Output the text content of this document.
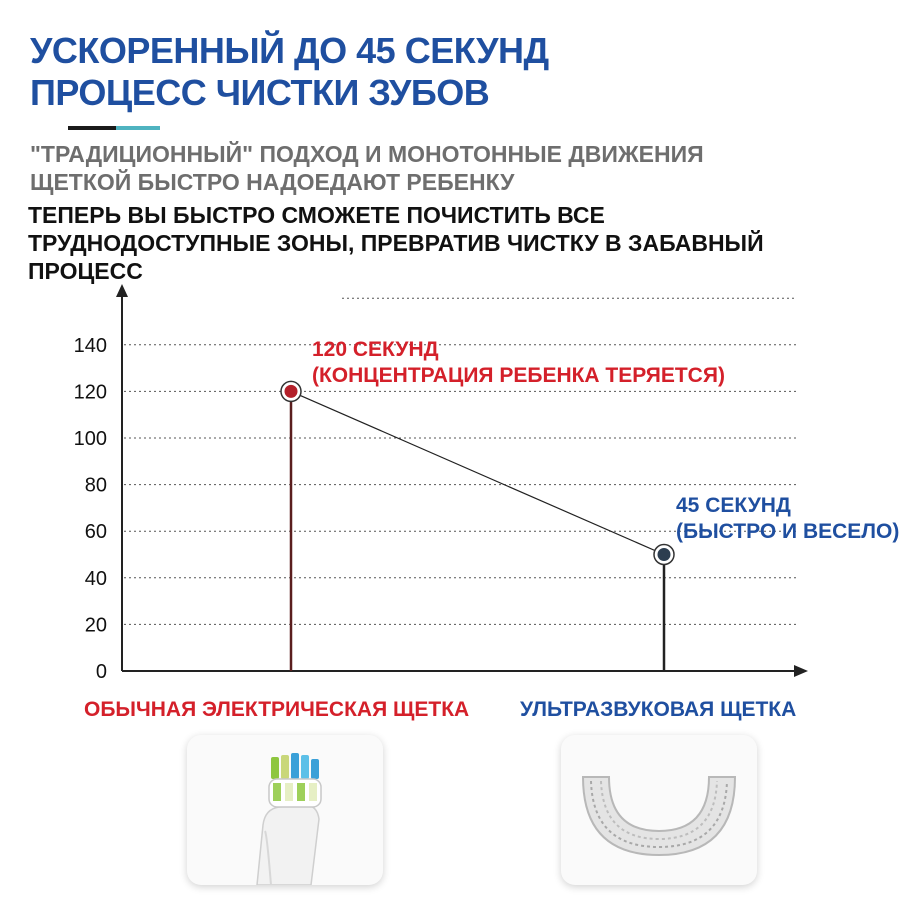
УСКОРЕННЫЙ ДО 45 СЕКУНД
ПРОЦЕСС ЧИСТКИ ЗУБОВ

"ТРАДИЦИОННЫЙ" ПОДХОД И МОНОТОННЫЕ ДВИЖЕНИЯ
ЩЕТКОЙ БЫСТРО НАДОЕДАЮТ РЕБЕНКУ

ТЕПЕРЬ ВЫ БЫСТРО СМОЖЕТЕ ПОЧИСТИТЬ ВСЕ
ТРУДНОДОСТУПНЫЕ ЗОНЫ, ПРЕВРАТИВ ЧИСТКУ В ЗАБАВНЫЙ
ПРОЦЕСС

0
20
40
60
80
100
120
140	120 СЕКУНД
(КОНЦЕНТРАЦИЯ РЕБЕНКА ТЕРЯЕТСЯ)
45 СЕКУНД
(БЫСТРО И ВЕСЕЛО)
ОБЫЧНАЯ ЭЛЕКТРИЧЕСКАЯ ЩЕТКА УЛЬТРАЗВУКОВАЯ ЩЕТКА
